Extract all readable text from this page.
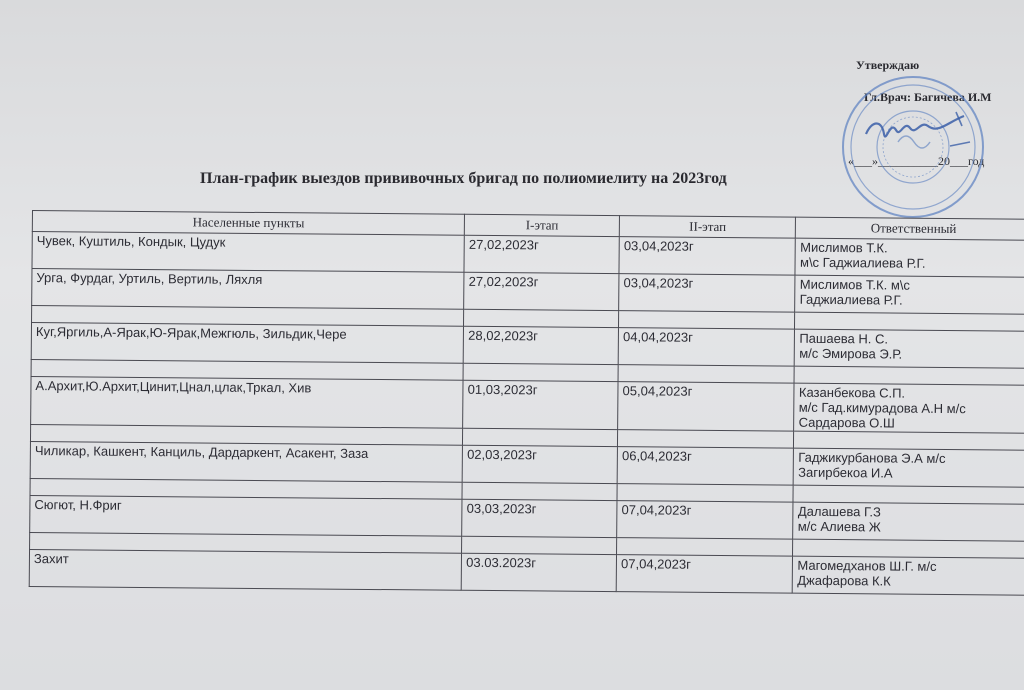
Утверждаю
Гл.Врач: Багичева И.М
«___»__________20___год
План-график выездов прививочных бригад по полиомиелиту на 2023год
Населенные пункты	I-этап	II-этап	Ответственный
Чувек, Куштиль, Кондык, Цудук	27,02,2023г	03,04,2023г	Мислимов Т.К.
м\с Гаджиалиева Р.Г.

Урга, Фурдаг, Уртиль, Вертиль, Ляхля	27,02,2023г	03,04,2023г	Мислимов Т.К. м\с
Гаджиалиева Р.Г.

Куг,Яргиль,А-Ярак,Ю-Ярак,Межгюль, Зильдик,Чере	28,02,2023г	04,04,2023г	Пашаева Н. С.
м/с Эмирова Э.Р.

А.Архит,Ю.Архит,Цинит,Цнал,цлак,Тркал, Хив	01,03,2023г	05,04,2023г	Казанбекова С.П.
м/с Гад.кимурадова А.Н м/с
Сардарова О.Ш

Чиликар, Кашкент, Канциль, Дардаркент, Асакент, Заза	02,03,2023г	06,04,2023г	Гаджикурбанова Э.А м/с
Загирбекоа И.А

Сюгют, Н.Фриг	03,03,2023г	07,04,2023г	Далашева Г.З
м/с Алиева Ж

Захит	03.03.2023г	07,04,2023г	Магомедханов Ш.Г. м/с
Джафарова К.К
